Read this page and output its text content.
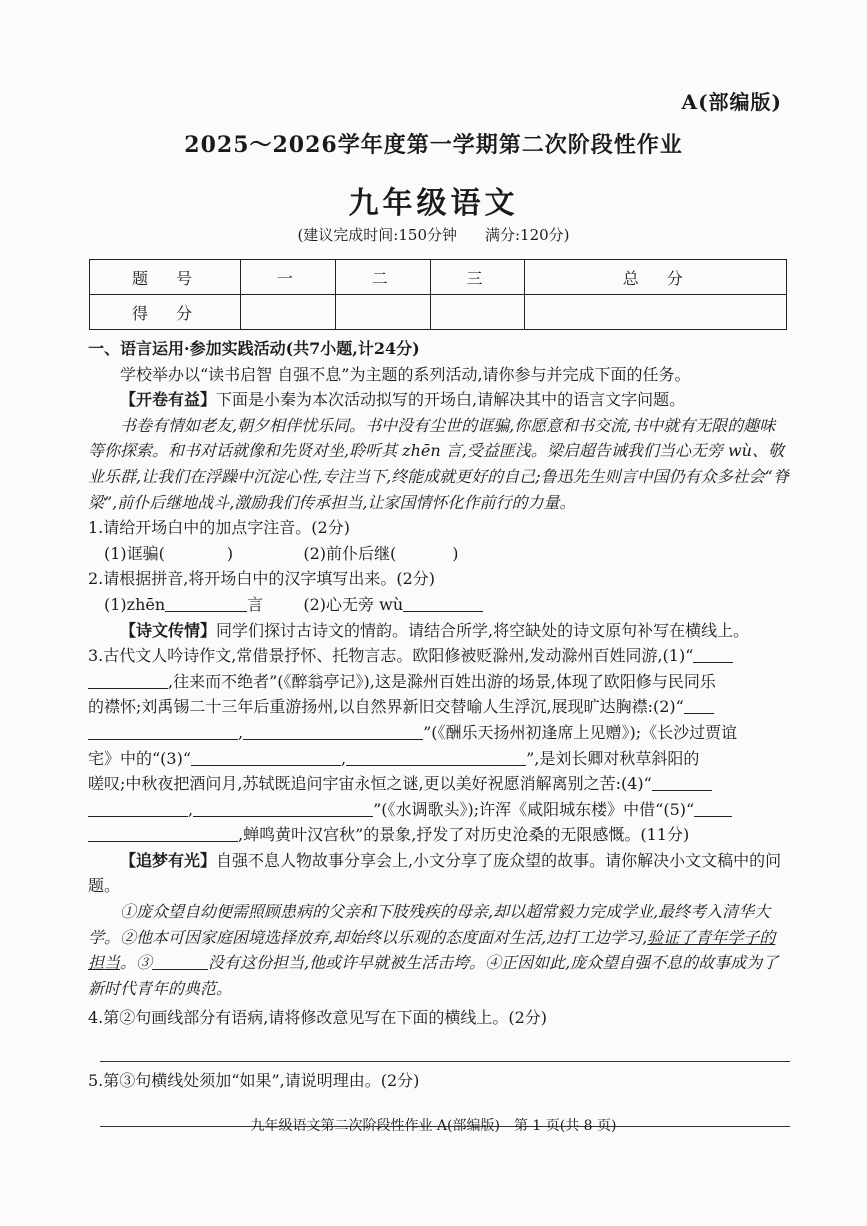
A(部编版)
2025～2026学年度第一学期第二次阶段性作业
九年级语文
(建议完成时间:150分钟 满分:120分)
题　号	一	二	三	总　分
得　分				

一、语言运用·参加实践活动(共7小题,计24分)

学校举办以“读书启智 自强不息”为主题的系列活动,请你参与并完成下面的任务。

【开卷有益】下面是小秦为本次活动拟写的开场白,请解决其中的语言文字问题。

书卷有情如老友,朝夕相伴忧乐同。书中没有尘世的诓骗,你愿意和书交流,书中就有无限的趣味等你探索。和书对话就像和先贤对坐,聆听其 zhēn 言,受益匪浅。梁启超告诫我们当心无旁 wù、敬业乐群,让我们在浮躁中沉淀心性,专注当下,终能成就更好的自己;鲁迅先生则言中国仍有众多社会“脊梁”,前仆后继地战斗,激励我们传承担当,让家国情怀化作前行的力量。

1.请给开场白中的加点字注音。(2分)

(1)诓骗(	)	(2)前仆后继(	)

2.请根据拼音,将开场白中的汉字填写出来。(2分)

(1)zhēn	言	(2)心无旁 wù

【诗文传情】同学们探讨古诗文的情韵。请结合所学,将空缺处的诗文原句补写在横线上。

3.古代文人吟诗作文,常借景抒怀、托物言志。欧阳修被贬滁州,发动滁州百姓同游,(1)“
,往来而不绝者”(《醉翁亭记》),这是滁州百姓出游的场景,体现了欧阳修与民同乐
的襟怀;刘禹锡二十三年后重游扬州,以自然界新旧交替喻人生浮沉,展现旷达胸襟:(2)“
,	”(《酬乐天扬州初逢席上见赠》);《长沙过贾谊
宅》中的“(3)“	,	”,是刘长卿对秋草斜阳的
嗟叹;中秋夜把酒问月,苏轼既追问宇宙永恒之谜,更以美好祝愿消解离别之苦:(4)“
,	”(《水调歌头》);许浑《咸阳城东楼》中借“(5)“
,蝉鸣黄叶汉宫秋”的景象,抒发了对历史沧桑的无限感慨。(11分)

【追梦有光】自强不息人物故事分享会上,小文分享了庞众望的故事。请你解决小文文稿中的问题。

①庞众望自幼便需照顾患病的父亲和下肢残疾的母亲,却以超常毅力完成学业,最终考入清华大学。②他本可因家庭困境选择放弃,却始终以乐观的态度面对生活,边打工边学习,验证了青年学子的担当。③	没有这份担当,他或许早就被生活击垮。④正因如此,庞众望自强不息的故事成为了新时代青年的典范。

4.第②句画线部分有语病,请将修改意见写在下面的横线上。(2分)

5.第③句横线处须加“如果”,请说明理由。(2分)

九年级语文第二次阶段性作业 A(部编版)　第 1 页(共 8 页)
